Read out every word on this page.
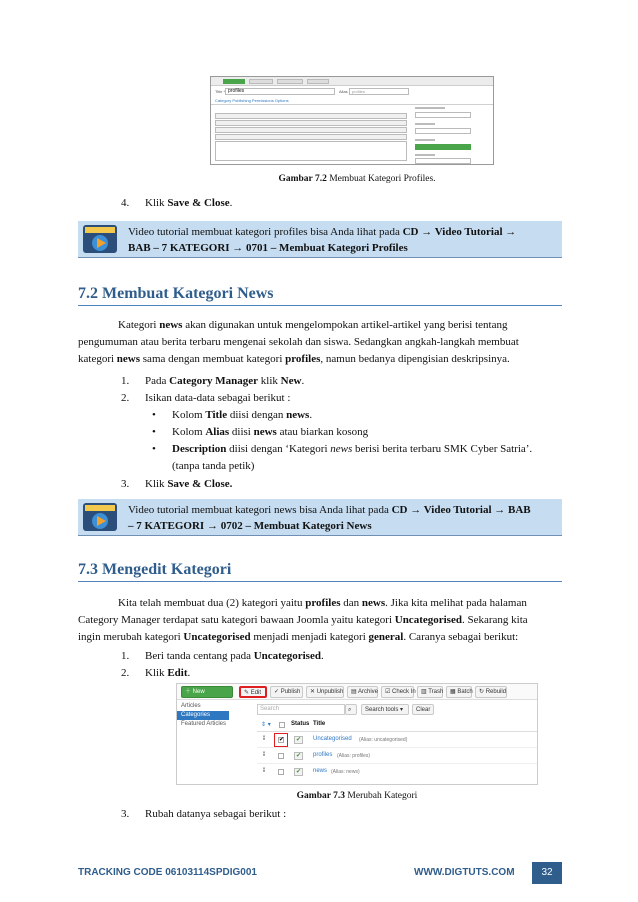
Title * profiles	Alias	profiles
Category Publishing Permissions Options
Gambar 7.2 Membuat Kategori Profiles.
4.	Klik Save & Close.
Video tutorial membuat kategori profiles bisa Anda lihat pada CD → Video Tutorial →
BAB – 7 KATEGORI → 0701 – Membuat Kategori Profiles
7.2 Membuat Kategori News
Kategori news akan digunakan untuk mengelompokan artikel-artikel yang berisi tentang
pengumuman atau berita terbaru mengenai sekolah dan siswa. Sedangkan angkah-langkah membuat
kategori news sama dengan membuat kategori profiles, namun bedanya dipengisian deskripsinya.
1. Pada Category Manager klik New.
2. Isikan data-data sebagai berikut :
• Kolom Title diisi dengan news.
• Kolom Alias diisi news atau biarkan kosong
• Description diisi dengan ‘Kategori news berisi berita terbaru SMK Cyber Satria’.
(tanpa tanda petik)
3. Klik Save & Close.
Video tutorial membuat kategori news bisa Anda lihat pada CD → Video Tutorial → BAB
– 7 KATEGORI → 0702 – Membuat Kategori News
7.3 Mengedit Kategori
Kita telah membuat dua (2) kategori yaitu profiles dan news. Jika kita melihat pada halaman
Category Manager terdapat satu kategori bawaan Joomla yaitu kategori Uncategorised. Sekarang kita
ingin merubah kategori Uncategorised menjadi menjadi kategori general. Caranya sebagai berikut:
1. Beri tanda centang pada Uncategorised.
2. Klik Edit.
＋ New	✎ Edit	✓ Publish	✕ Unpublish	▤ Archive	☑ Check In ▥ Trash	▦ Batch	↻ Rebuild
Articles
Categories
Featured Articles
Search	⌕	Search tools ▾	Clear
⇕ ▾	Status Title
⁞ ✔	✔	Uncategorised (Alias: uncategorised)
⁞	✔	profiles (Alias: profiles)
⁞	✔	news (Alias: news)
Gambar 7.3 Merubah Kategori
3. Rubah datanya sebagai berikut :
TRACKING CODE 06103114SPDIG001	WWW.DIGTUTS.COM	32
